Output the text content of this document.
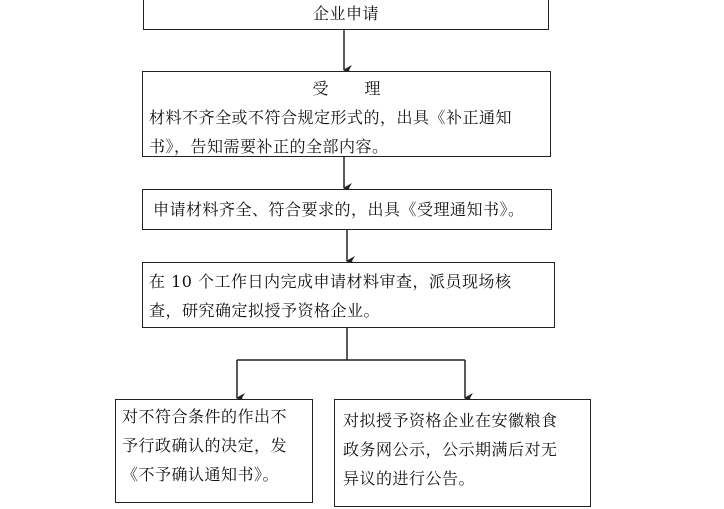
企业申请
受 理
材料不齐全或不符合规定形式的，出具《补正通知
书》，告知需要补正的全部内容。
申请材料齐全、符合要求的，出具《受理通知书》。
在 10 个工作日内完成申请材料审查，派员现场核
查，研究确定拟授予资格企业。
对不符合条件的作出不
予行政确认的决定，发
《不予确认通知书》。
对拟授予资格企业在安徽粮食
政务网公示，公示期满后对无
异议的进行公告。
